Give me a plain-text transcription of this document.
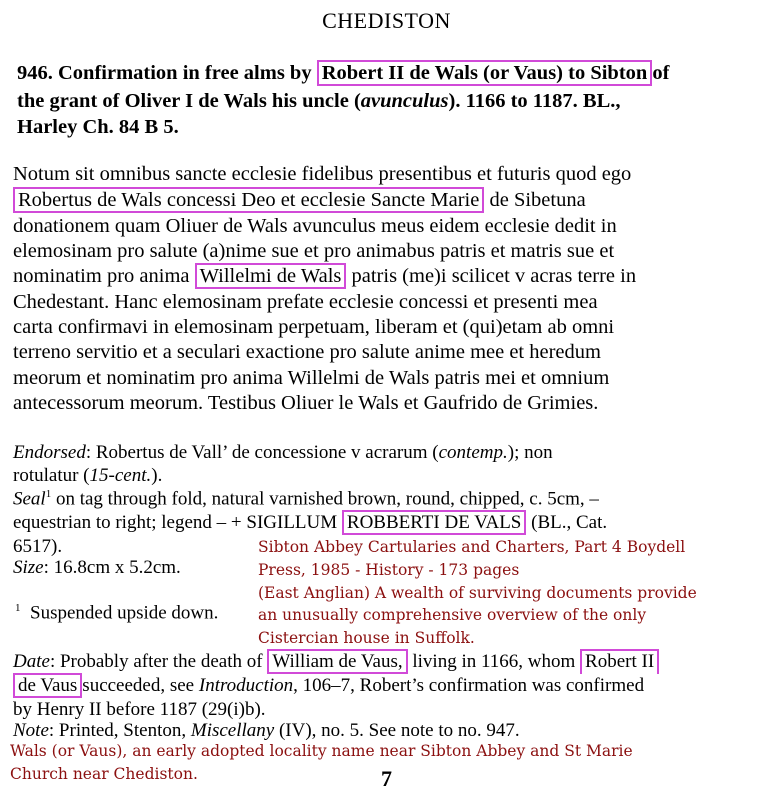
CHEDISTON
946. Confirmation in free alms by Robert II de Wals (or Vaus) to Sibton of
the grant of Oliver I de Wals his uncle (avunculus). 1166 to 1187. BL.,
Harley Ch. 84 B 5.
Notum sit omnibus sancte ecclesie fidelibus presentibus et futuris quod ego
Robertus de Wals concessi Deo et ecclesie Sancte Marie de Sibetuna
donationem quam Oliuer de Wals avunculus meus eidem ecclesie dedit in
elemosinam pro salute (a)nime sue et pro animabus patris et matris sue et
nominatim pro anima Willelmi de Wals patris (me)i scilicet v acras terre in
Chedestant. Hanc elemosinam prefate ecclesie concessi et presenti mea
carta confirmavi in elemosinam perpetuam, liberam et (qui)etam ab omni
terreno servitio et a seculari exactione pro salute anime mee et heredum
meorum et nominatim pro anima Willelmi de Wals patris mei et omnium
antecessorum meorum. Testibus Oliuer le Wals et Gaufrido de Grimies.
Endorsed: Robertus de Vall’ de concessione v acrarum (contemp.); non
rotulatur (15-cent.).
Seal$^1$ on tag through fold, natural varnished brown, round, chipped, c. 5cm, –
equestrian to right; legend – + SIGILLUM ROBBERTI DE VALS (BL., Cat.
6517).
Size: 16.8cm x 5.2cm.
$^1$ Suspended upside down.
Date: Probably after the death of William de Vaus, living in 1166, whom Robert II
de Vaus succeeded, see Introduction, 106–7, Robert’s confirmation was confirmed
by Henry II before 1187 (29(i)b).
Note: Printed, Stenton, Miscellany (IV), no. 5. See note to no. 947.
Sibton Abbey Cartularies and Charters, Part 4 Boydell
Press, 1985 - History - 173 pages
(East Anglian) A wealth of surviving documents provide
an unusually comprehensive overview of the only
Cistercian house in Suffolk.
Wals (or Vaus), an early adopted locality name near Sibton Abbey and St Marie
Church near Chediston.	7
